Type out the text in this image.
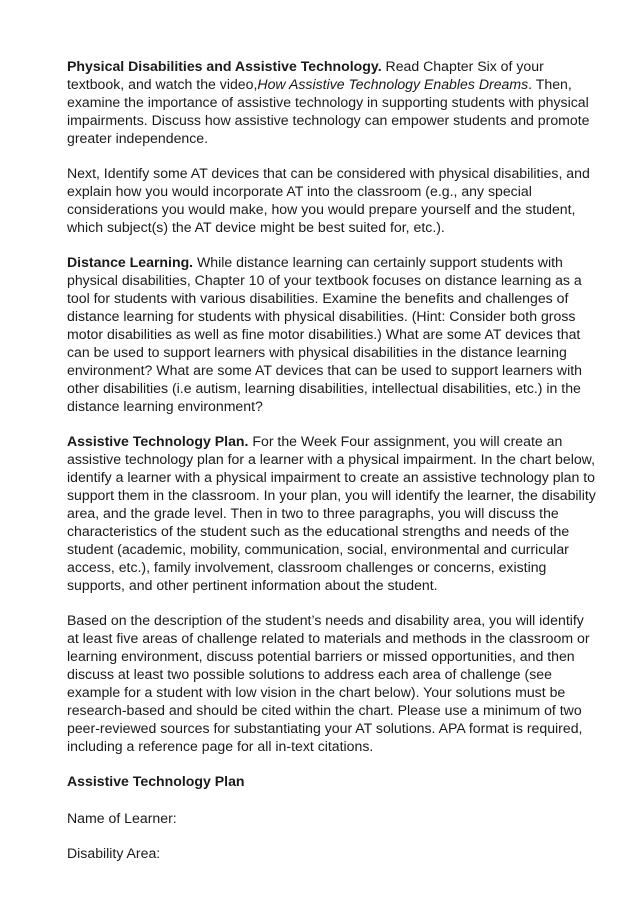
Physical Disabilities and Assistive Technology. Read Chapter Six of your textbook, and watch the video,How Assistive Technology Enables Dreams. Then, examine the importance of assistive technology in supporting students with physical impairments. Discuss how assistive technology can empower students and promote greater independence.

Next, Identify some AT devices that can be considered with physical disabilities, and explain how you would incorporate AT into the classroom (e.g., any special considerations you would make, how you would prepare yourself and the student, which subject(s) the AT device might be best suited for, etc.).

Distance Learning. While distance learning can certainly support students with physical disabilities, Chapter 10 of your textbook focuses on distance learning as a tool for students with various disabilities. Examine the benefits and challenges of distance learning for students with physical disabilities. (Hint: Consider both gross motor disabilities as well as fine motor disabilities.) What are some AT devices that can be used to support learners with physical disabilities in the distance learning environment? What are some AT devices that can be used to support learners with other disabilities (i.e autism, learning disabilities, intellectual disabilities, etc.) in the distance learning environment?

Assistive Technology Plan. For the Week Four assignment, you will create an assistive technology plan for a learner with a physical impairment. In the chart below, identify a learner with a physical impairment to create an assistive technology plan to support them in the classroom. In your plan, you will identify the learner, the disability area, and the grade level. Then in two to three paragraphs, you will discuss the characteristics of the student such as the educational strengths and needs of the student (academic, mobility, communication, social, environmental and curricular access, etc.), family involvement, classroom challenges or concerns, existing supports, and other pertinent information about the student.

Based on the description of the student’s needs and disability area, you will identify at least five areas of challenge related to materials and methods in the classroom or learning environment, discuss potential barriers or missed opportunities, and then discuss at least two possible solutions to address each area of challenge (see example for a student with low vision in the chart below). Your solutions must be research-based and should be cited within the chart. Please use a minimum of two peer-reviewed sources for substantiating your AT solutions. APA format is required, including a reference page for all in-text citations.

Assistive Technology Plan

Name of Learner:

Disability Area:
